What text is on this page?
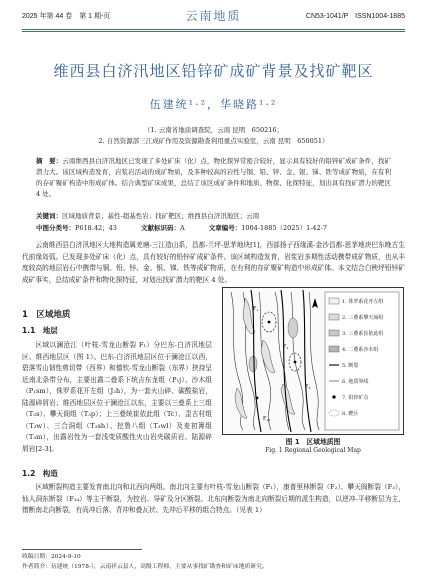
2025 年第 44 卷　第 1 期-页	云南地质	CN53-1041/P　ISSN1004-1885
维西县白济汛地区铅锌矿成矿背景及找矿靶区
伍建统¹·²，华晓路¹·²
（1. 云南省地质调查院，云南 昆明　650216；
2. 自然资源部三江成矿作用及资源勘查利用重点实验室，云南 昆明　650051）
摘　要：云南维西县白济汛地区已发现了多处矿床（化）点，物化探异常密合较好，显示具有较好的铅锌矿成矿条件，找矿潜力大。该区域构造发育，岩浆岩活动的成矿物质，及多种较高的岩性与铜、铅、锌、金、银、锑、铁等成矿物质，在有利的存矿聚矿构造中形成矿体。结合典型矿床成果，总结了该区成矿条件和地质、物探、化探特征，划出具有找矿潜力的靶区 4 处。
关键词：区域地质背景；基性-超基性岩；找矿靶区；维西县白济汛地区；云南
中图分类号：P618.42；43	文献标识码：A	文章编号：1004-1885（2025）1-42-7
云南维西县白济汛地区大地构造属羌塘-三江造山系，昌都-兰坪-思茅地块[1]，西部扬子西缘溪-金沙昌都-思茅地块巴东晚古生代前缘岛弧。已发现多处矿床（化）点，具有较好的铅锌矿成矿条件。该区域构造发育，岩浆岩多期性活动携带成矿物质，也从丰度较高的地层岩石中携带与铜、铅、锌、金、银、锑、铁等成矿物质，在有利的存矿聚矿构造中形成矿体。本文结合白秧坪铅锌矿成矿事实，总结成矿条件和物化探特征，对划出找矿潜力的靶区 4 处。
1　区域地质
1.1　地层
区域以澜沧江（叶枝-雪龙山断裂 F₁）分巴东-白济汛地层区、维西地层区（图 1）。巴东-白济汛地层区位于澜沧江以西，碧落雪山韧性剪切带（西界）和德钦-雪龙山断裂（东界）挟持呈近南北条带分布，主要出露二叠系下统吉东龙组（P₁j）、沙木组（P₁sm），侏罗系花开左组（J₂h），为一套火山碎、碳酸盐岩，陆源碎屑岩；维西地层区位于澜沧江以东，主要以三叠系上三组（T₃s）、攀天阁组（T₃p）；上三叠统崔依此组（Tc）、歪古村组（T₃w）、三合洞组（T₃sh）、挖鲁八组（T₃wl）及麦初箐组（T₃m），出露岩性为一套浅变质酸性火山岩夹碳质岩、陆源碎屑岩[2-3]。
1.2　构造
区域断裂构造主要发育南北向和北西向两组。南北向主要有叶枝-雪龙山断裂（F₁），康普里林断裂（F₂）、攀天阁断裂（F₃），仙人洞东断裂（F₁₄）等主干断裂，为控岩、导矿及分区断裂。北东向断裂为南北向断裂后期的派生构造，以逆冲-平移断层为主，错断南北向断裂，有尚冲后落、背冲和叠瓦状、先冲后平移的组合特点。（见表 1）
F₁
F₂
F₃
F₁₄
1. 侏罗系花开左组
2. 三叠系攀天阁组
3. 三叠系崔依此组
4. 二叠系沙木组
5. 断裂
6. 地质界线
7. 铅锌矿点
8. 靶区
图 1　区域地质图
Fig. 1 Regional Geological Map
收稿日期：2024-9-10
作者简介：伍建统（1978-），云南祥云县人，高级工程师，主要从事找矿勘查和矿床地质研究。
